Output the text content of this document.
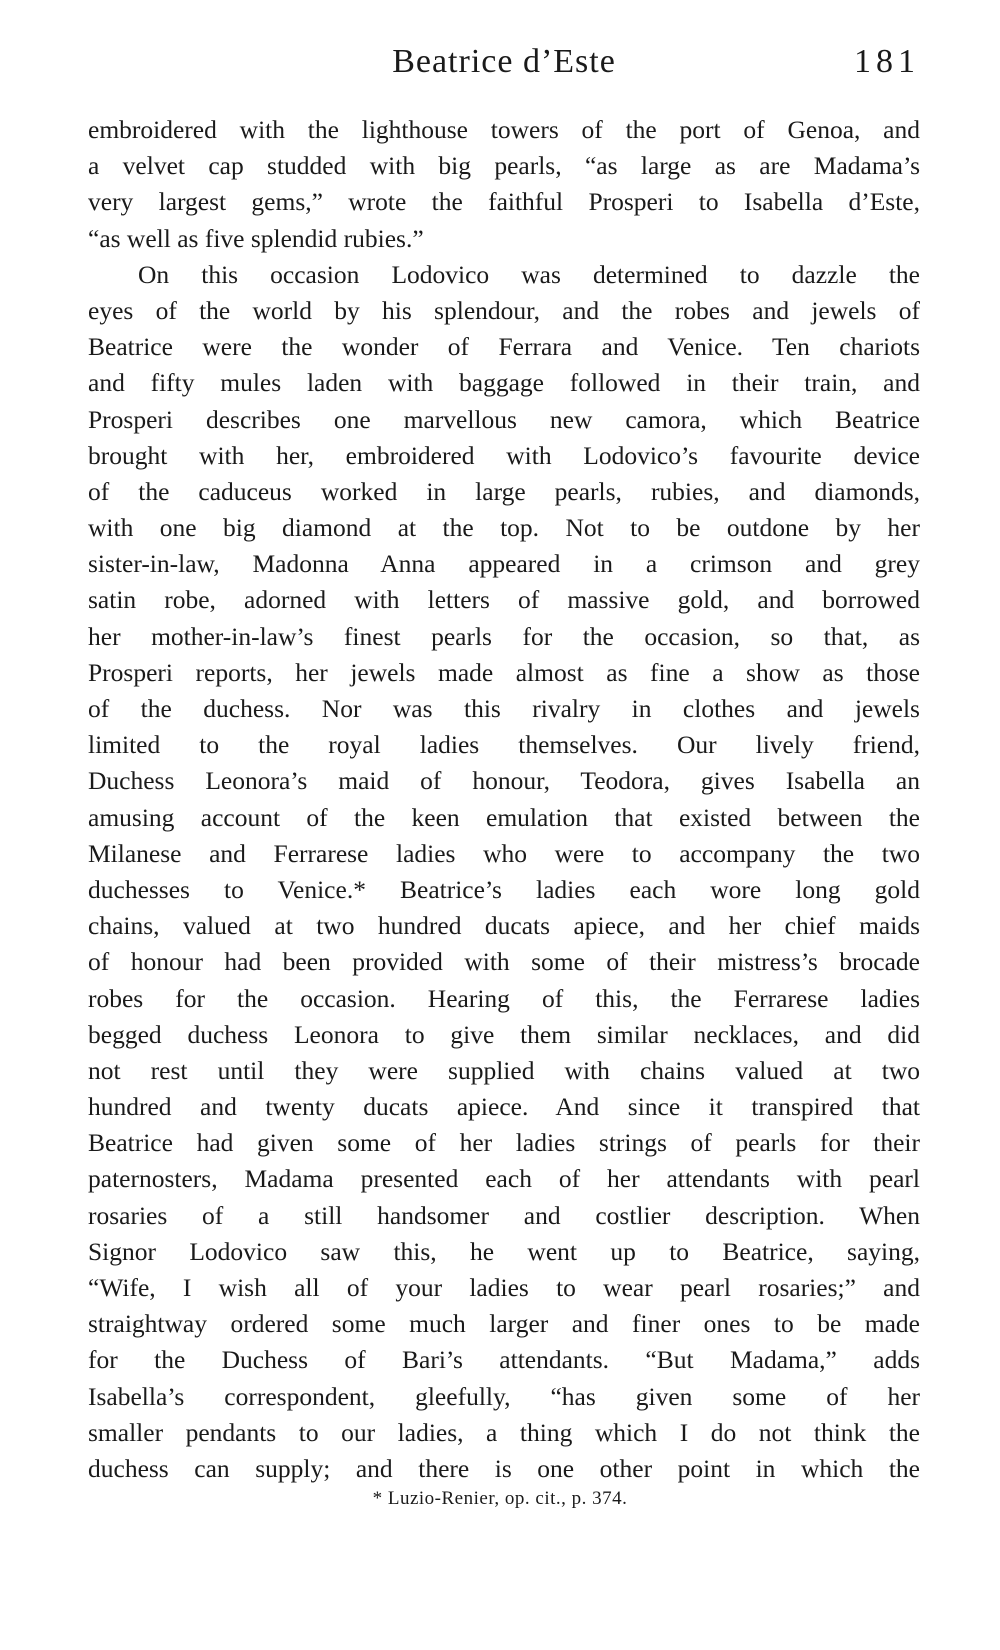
Beatrice d’Este	181
embroidered with the lighthouse towers of the port of Genoa, and
a velvet cap studded with big pearls, “as large as are Madama’s
very largest gems,” wrote the faithful Prosperi to Isabella d’Este,
“as well as five splendid rubies.”
On this occasion Lodovico was determined to dazzle the
eyes of the world by his splendour, and the robes and jewels of
Beatrice were the wonder of Ferrara and Venice. Ten chariots
and fifty mules laden with baggage followed in their train, and
Prosperi describes one marvellous new camora, which Beatrice
brought with her, embroidered with Lodovico’s favourite device
of the caduceus worked in large pearls, rubies, and diamonds,
with one big diamond at the top. Not to be outdone by her
sister-in-law, Madonna Anna appeared in a crimson and grey
satin robe, adorned with letters of massive gold, and borrowed
her mother-in-law’s finest pearls for the occasion, so that, as
Prosperi reports, her jewels made almost as fine a show as those
of the duchess. Nor was this rivalry in clothes and jewels
limited to the royal ladies themselves. Our lively friend,
Duchess Leonora’s maid of honour, Teodora, gives Isabella an
amusing account of the keen emulation that existed between the
Milanese and Ferrarese ladies who were to accompany the two
duchesses to Venice.* Beatrice’s ladies each wore long gold
chains, valued at two hundred ducats apiece, and her chief maids
of honour had been provided with some of their mistress’s brocade
robes for the occasion. Hearing of this, the Ferrarese ladies
begged duchess Leonora to give them similar necklaces, and did
not rest until they were supplied with chains valued at two
hundred and twenty ducats apiece. And since it transpired that
Beatrice had given some of her ladies strings of pearls for their
paternosters, Madama presented each of her attendants with pearl
rosaries of a still handsomer and costlier description. When
Signor Lodovico saw this, he went up to Beatrice, saying,
“Wife, I wish all of your ladies to wear pearl rosaries;” and
straightway ordered some much larger and finer ones to be made
for the Duchess of Bari’s attendants. “But Madama,” adds
Isabella’s correspondent, gleefully, “has given some of her
smaller pendants to our ladies, a thing which I do not think the
duchess can supply; and there is one other point in which the
* Luzio-Renier, op. cit., p. 374.
